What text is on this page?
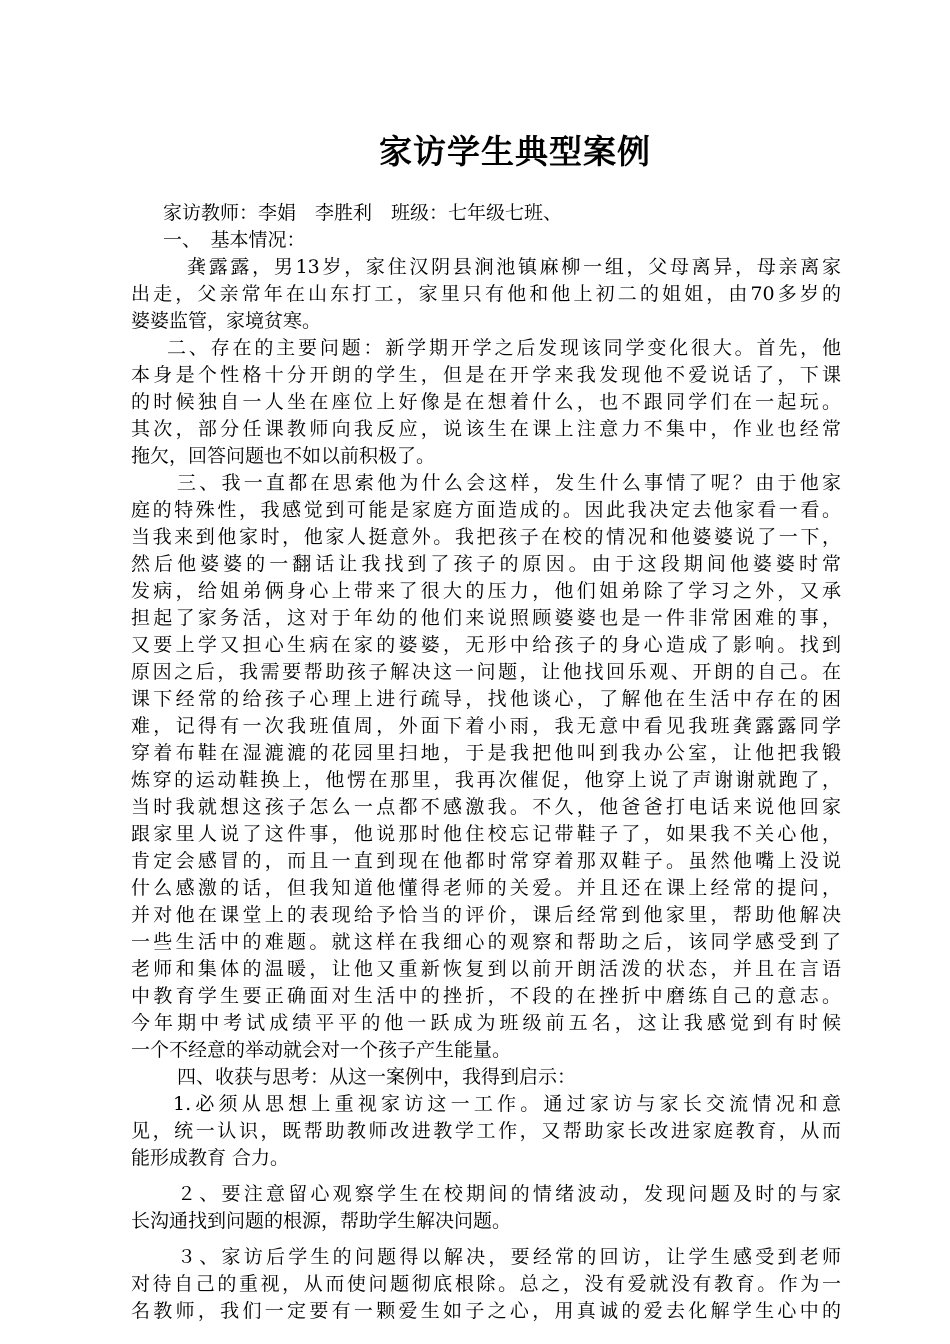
家访学生典型案例
家访教师：李娟　李胜利　班级：七年级七班、
一、　基本情况：
龚露露，男13岁，家住汉阴县涧池镇麻柳一组，父母离异，母亲离家
出走，父亲常年在山东打工，家里只有他和他上初二的姐姐，由70多岁的
婆婆监管，家境贫寒。
二、存在的主要问题：新学期开学之后发现该同学变化很大。首先，他
本身是个性格十分开朗的学生，但是在开学来我发现他不爱说话了，下课
的时候独自一人坐在座位上好像是在想着什么，也不跟同学们在一起玩。
其次，部分任课教师向我反应，说该生在课上注意力不集中，作业也经常
拖欠，回答问题也不如以前积极了。
三、我一直都在思索他为什么会这样，发生什么事情了呢？由于他家
庭的特殊性，我感觉到可能是家庭方面造成的。因此我决定去他家看一看。
当我来到他家时，他家人挺意外。我把孩子在校的情况和他婆婆说了一下，
然后他婆婆的一翻话让我找到了孩子的原因。由于这段期间他婆婆时常
发病，给姐弟俩身心上带来了很大的压力，他们姐弟除了学习之外，又承
担起了家务活，这对于年幼的他们来说照顾婆婆也是一件非常困难的事，
又要上学又担心生病在家的婆婆，无形中给孩子的身心造成了影响。找到
原因之后，我需要帮助孩子解决这一问题，让他找回乐观、开朗的自己。在
课下经常的给孩子心理上进行疏导，找他谈心，了解他在生活中存在的困
难，记得有一次我班值周，外面下着小雨，我无意中看见我班龚露露同学
穿着布鞋在湿漉漉的花园里扫地，于是我把他叫到我办公室，让他把我锻
炼穿的运动鞋换上，他愣在那里，我再次催促，他穿上说了声谢谢就跑了，
当时我就想这孩子怎么一点都不感激我。不久，他爸爸打电话来说他回家
跟家里人说了这件事，他说那时他住校忘记带鞋子了，如果我不关心他，
肯定会感冒的，而且一直到现在他都时常穿着那双鞋子。虽然他嘴上没说
什么感激的话，但我知道他懂得老师的关爱。并且还在课上经常的提问，
并对他在课堂上的表现给予恰当的评价，课后经常到他家里，帮助他解决
一些生活中的难题。就这样在我细心的观察和帮助之后，该同学感受到了
老师和集体的温暖，让他又重新恢复到以前开朗活泼的状态，并且在言语
中教育学生要正确面对生活中的挫折，不段的在挫折中磨练自己的意志。
今年期中考试成绩平平的他一跃成为班级前五名，这让我感觉到有时候
一个不经意的举动就会对一个孩子产生能量。
四、收获与思考：从这一案例中，我得到启示：
1.必须从思想上重视家访这一工作。通过家访与家长交流情况和意
见，统一认识，既帮助教师改进教学工作，又帮助家长改进家庭教育，从而
能形成教育 合力。
２、要注意留心观察学生在校期间的情绪波动，发现问题及时的与家
长沟通找到问题的根源，帮助学生解决问题。
３、家访后学生的问题得以解决，要经常的回访，让学生感受到老师
对待自己的重视，从而使问题彻底根除。总之，没有爱就没有教育。作为一
名教师，我们一定要有一颗爱生如子之心，用真诚的爱去化解学生心中的
